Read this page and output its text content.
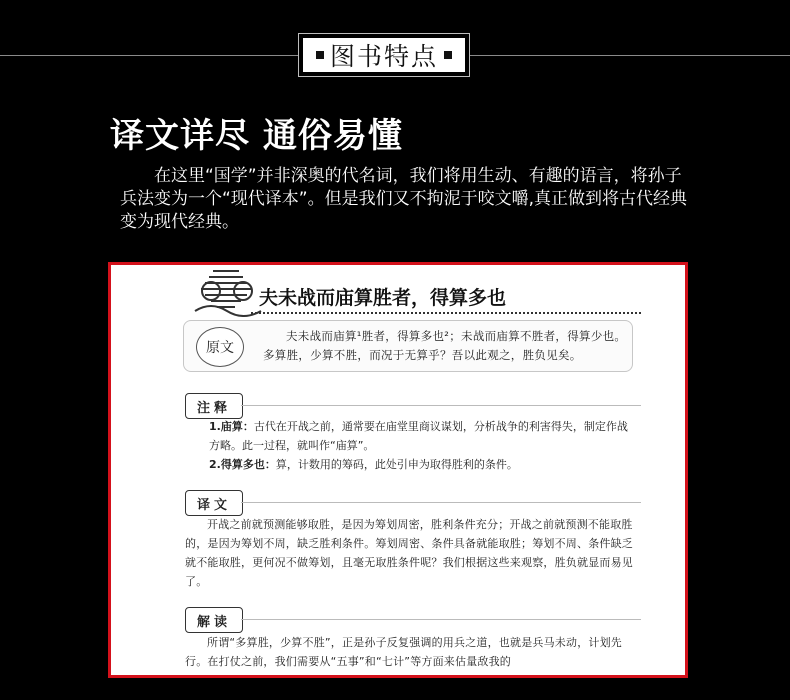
图书特点
译文详尽 通俗易懂
在这里“国学”并非深奥的代名词，我们将用生动、有趣的语言，将孙子兵法变为一个“现代译本”。但是我们又不拘泥于咬文嚼,真正做到将古代经典变为现代经典。
夫未战而庙算胜者，得算多也
原文
夫未战而庙算¹胜者，得算多也²；未战而庙算不胜者，得算少也。多算胜，少算不胜，而况于无算乎？吾以此观之，胜负见矣。
注释
1.庙算：古代在开战之前，通常要在庙堂里商议谋划，分析战争的利害得失，制定作战方略。此一过程，就叫作“庙算”。
2.得算多也：算，计数用的筹码，此处引申为取得胜利的条件。
译文
开战之前就预测能够取胜，是因为筹划周密，胜利条件充分；开战之前就预测不能取胜的，是因为筹划不周，缺乏胜利条件。筹划周密、条件具备就能取胜；筹划不周、条件缺乏就不能取胜，更何况不做筹划，且毫无取胜条件呢？我们根据这些来观察，胜负就显而易见了。
解读
所谓“多算胜，少算不胜”，正是孙子反复强调的用兵之道，也就是兵马未动，计划先行。在打仗之前，我们需要从“五事”和“七计”等方面来估量敌我的
